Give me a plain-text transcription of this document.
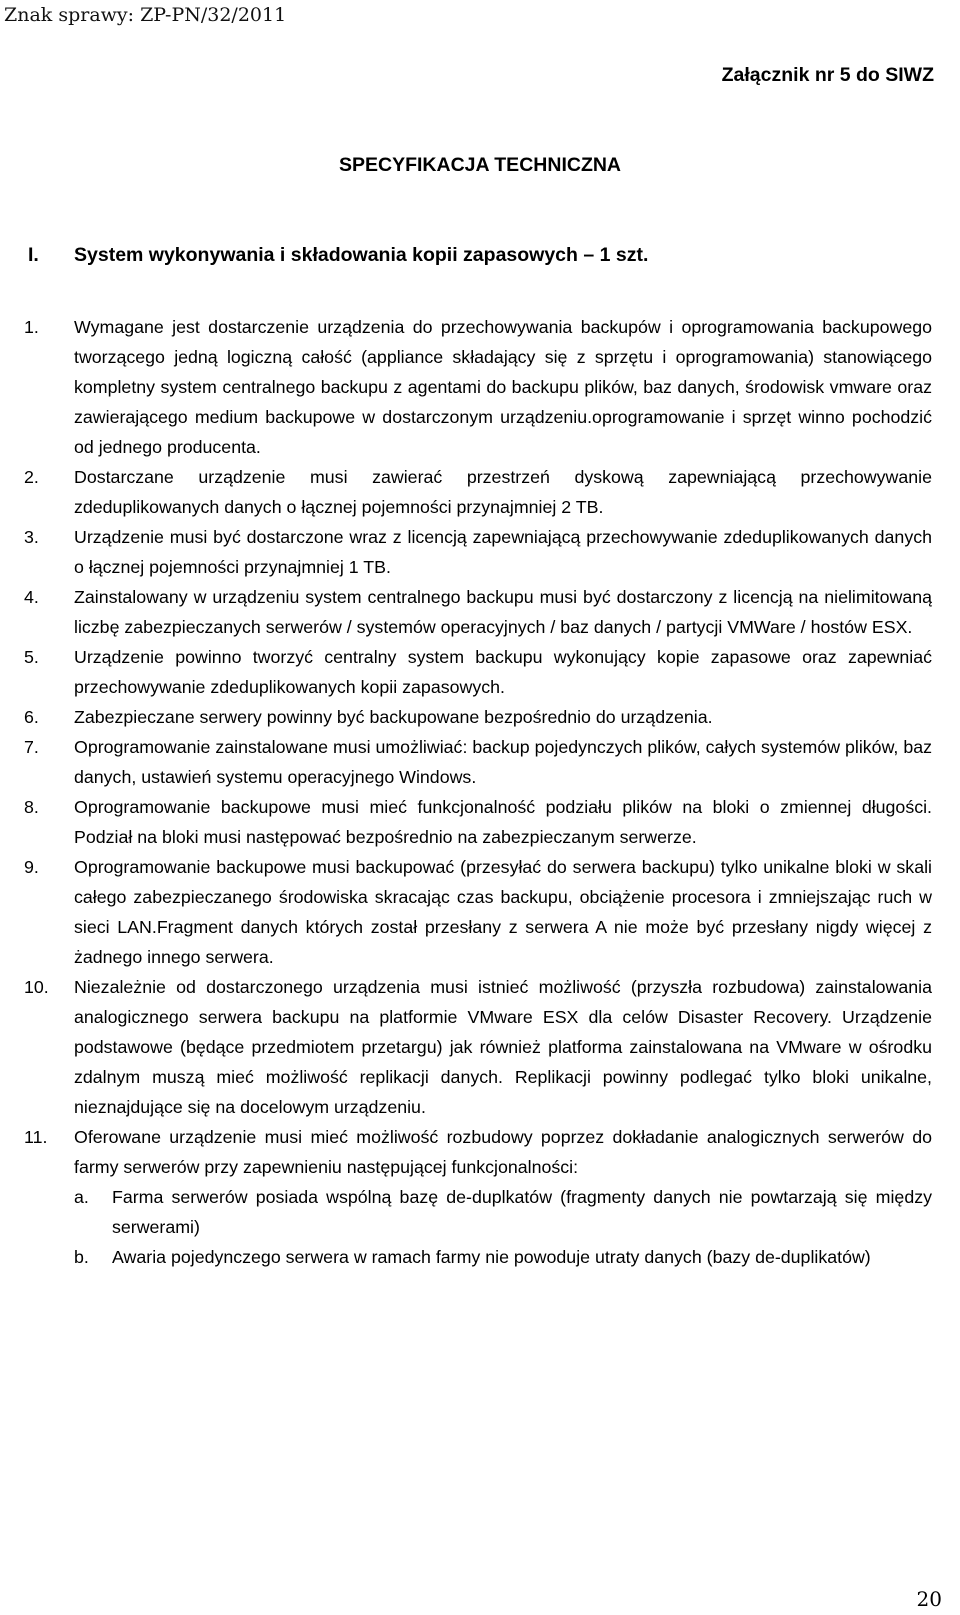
Znak sprawy: ZP-PN/32/2011
Załącznik nr 5 do SIWZ
SPECYFIKACJA TECHNICZNA
I.	System wykonywania i składowania kopii zapasowych – 1 szt.
1.	Wymagane jest dostarczenie urządzenia do przechowywania backupów i oprogramowania backupowego tworzącego jedną logiczną całość (appliance składający się z sprzętu i oprogramowania) stanowiącego kompletny system centralnego backupu z agentami do backupu plików, baz danych, środowisk vmware oraz zawierającego medium backupowe w dostarczonym urządzeniu.oprogramowanie i sprzęt winno pochodzić od jednego producenta.
2.	Dostarczane urządzenie musi zawierać przestrzeń dyskową zapewniającą przechowywanie zdeduplikowanych danych o łącznej pojemności przynajmniej 2 TB.
3.	Urządzenie musi być dostarczone wraz z licencją zapewniającą przechowywanie zdeduplikowanych danych o łącznej pojemności przynajmniej 1 TB.
4.	Zainstalowany w urządzeniu system centralnego backupu musi być dostarczony z licencją na nielimitowaną liczbę zabezpieczanych serwerów / systemów operacyjnych / baz danych / partycji VMWare / hostów ESX.
5.	Urządzenie powinno tworzyć centralny system backupu wykonujący kopie zapasowe oraz zapewniać przechowywanie zdeduplikowanych kopii zapasowych.
6.	Zabezpieczane serwery powinny być backupowane bezpośrednio do urządzenia.
7.	Oprogramowanie zainstalowane musi umożliwiać: backup pojedynczych plików, całych systemów plików, baz danych, ustawień systemu operacyjnego Windows.
8.	Oprogramowanie backupowe musi mieć funkcjonalność podziału plików na bloki o zmiennej długości. Podział na bloki musi następować bezpośrednio na zabezpieczanym serwerze.
9.	Oprogramowanie backupowe musi backupować (przesyłać do serwera backupu) tylko unikalne bloki w skali całego zabezpieczanego środowiska skracając czas backupu, obciążenie procesora i zmniejszając ruch w sieci LAN.Fragment danych których został przesłany z serwera A nie może być przesłany nigdy więcej z żadnego innego serwera.
10.	Niezależnie od dostarczonego urządzenia musi istnieć możliwość (przyszła rozbudowa) zainstalowania analogicznego serwera backupu na platformie VMware ESX dla celów Disaster Recovery. Urządzenie podstawowe (będące przedmiotem przetargu) jak również platforma zainstalowana na VMware w ośrodku zdalnym muszą mieć możliwość replikacji danych. Replikacji powinny podlegać tylko bloki unikalne, nieznajdujące się na docelowym urządzeniu.
11.	Oferowane urządzenie musi mieć możliwość rozbudowy poprzez dokładanie analogicznych serwerów do farmy serwerów przy zapewnieniu następującej funkcjonalności:
a.	Farma serwerów posiada wspólną bazę de-duplkatów (fragmenty danych nie powtarzają się między serwerami)
b.	Awaria pojedynczego serwera w ramach farmy nie powoduje utraty danych (bazy de-duplikatów)
20
